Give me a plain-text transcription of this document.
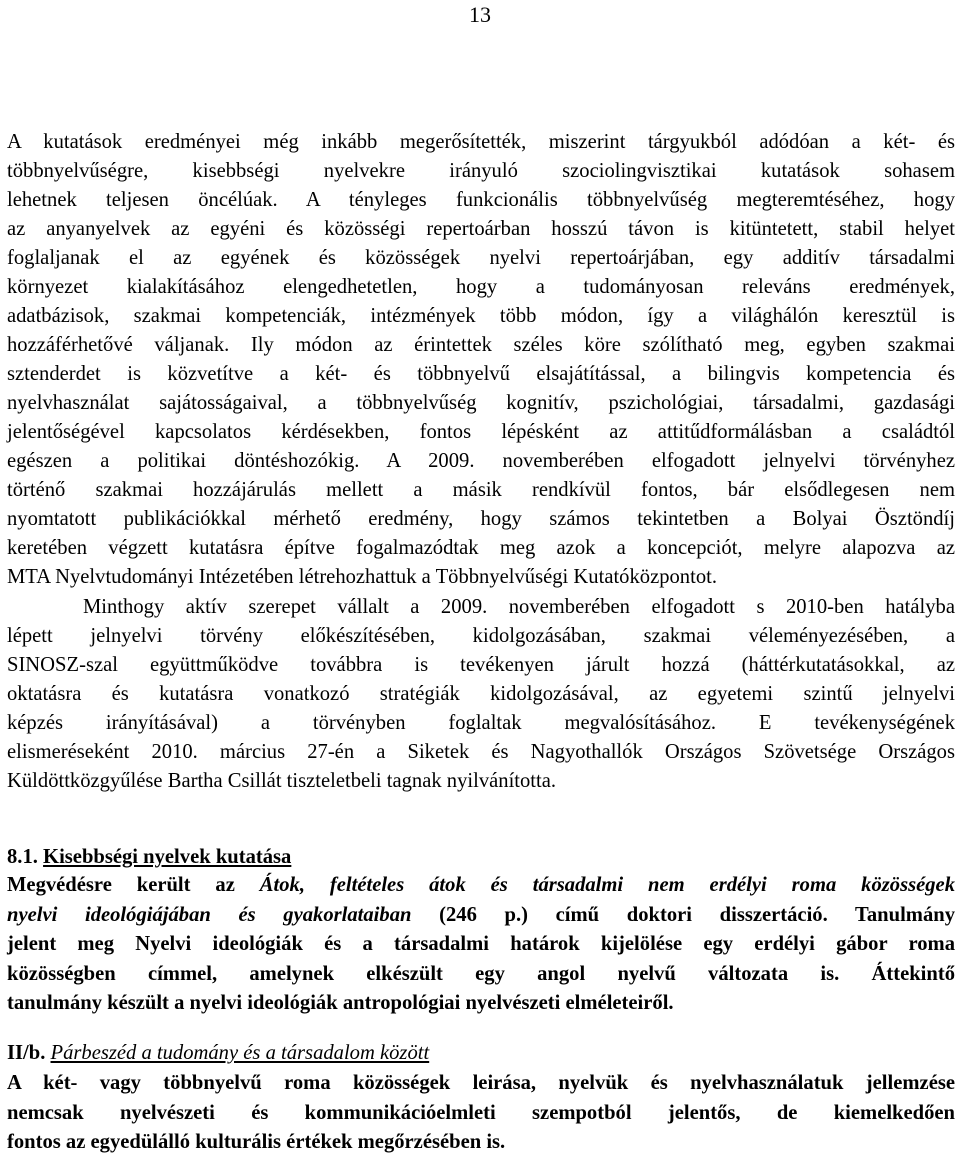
13
A kutatások eredményei még inkább megerősítették, miszerint tárgyukból adódóan a két- és
többnyelvűségre, kisebbségi nyelvekre irányuló szociolingvisztikai kutatások sohasem
lehetnek teljesen öncélúak. A tényleges funkcionális többnyelvűség megteremtéséhez, hogy
az anyanyelvek az egyéni és közösségi repertoárban hosszú távon is kitüntetett, stabil helyet
foglaljanak el az egyének és közösségek nyelvi repertoárjában, egy additív társadalmi
környezet kialakításához elengedhetetlen, hogy a tudományosan releváns eredmények,
adatbázisok, szakmai kompetenciák, intézmények több módon, így a világhálón keresztül is
hozzáférhetővé váljanak. Ily módon az érintettek széles köre szólítható meg, egyben szakmai
sztenderdet is közvetítve a két- és többnyelvű elsajátítással, a bilingvis kompetencia és
nyelvhasználat sajátosságaival, a többnyelvűség kognitív, pszichológiai, társadalmi, gazdasági
jelentőségével kapcsolatos kérdésekben, fontos lépésként az attitűdformálásban a családtól
egészen a politikai döntéshozókig. A 2009. novemberében elfogadott jelnyelvi törvényhez
történő szakmai hozzájárulás mellett a másik rendkívül fontos, bár elsődlegesen nem
nyomtatott publikációkkal mérhető eredmény, hogy számos tekintetben a Bolyai Ösztöndíj
keretében végzett kutatásra építve fogalmazódtak meg azok a koncepciót, melyre alapozva az
MTA Nyelvtudományi Intézetében létrehozhattuk a Többnyelvűségi Kutatóközpontot.
Minthogy aktív szerepet vállalt a 2009. novemberében elfogadott s 2010-ben hatályba
lépett jelnyelvi törvény előkészítésében, kidolgozásában, szakmai véleményezésében, a
SINOSZ-szal együttműködve továbbra is tevékenyen járult hozzá (háttérkutatásokkal, az
oktatásra és kutatásra vonatkozó stratégiák kidolgozásával, az egyetemi szintű jelnyelvi
képzés irányításával) a törvényben foglaltak megvalósításához. E tevékenységének
elismeréseként 2010. március 27-én a Siketek és Nagyothallók Országos Szövetsége Országos
Küldöttközgyűlése Bartha Csillát tiszteletbeli tagnak nyilvánította.
8.1. Kisebbségi nyelvek kutatása
Megvédésre került az Átok, feltételes átok és társadalmi nem erdélyi roma közösségek
nyelvi ideológiájában és gyakorlataiban (246 p.) című doktori disszertáció. Tanulmány
jelent meg Nyelvi ideológiák és a társadalmi határok kijelölése egy erdélyi gábor roma
közösségben címmel, amelynek elkészült egy angol nyelvű változata is. Áttekintő
tanulmány készült a nyelvi ideológiák antropológiai nyelvészeti elméleteiről.
II/b. Párbeszéd a tudomány és a társadalom között
A két- vagy többnyelvű roma közösségek leirása, nyelvük és nyelvhasználatuk jellemzése
nemcsak nyelvészeti és kommunikációelmleti szempotból jelentős, de kiemelkedően
fontos az egyedülálló kulturális értékek megőrzésében is.
